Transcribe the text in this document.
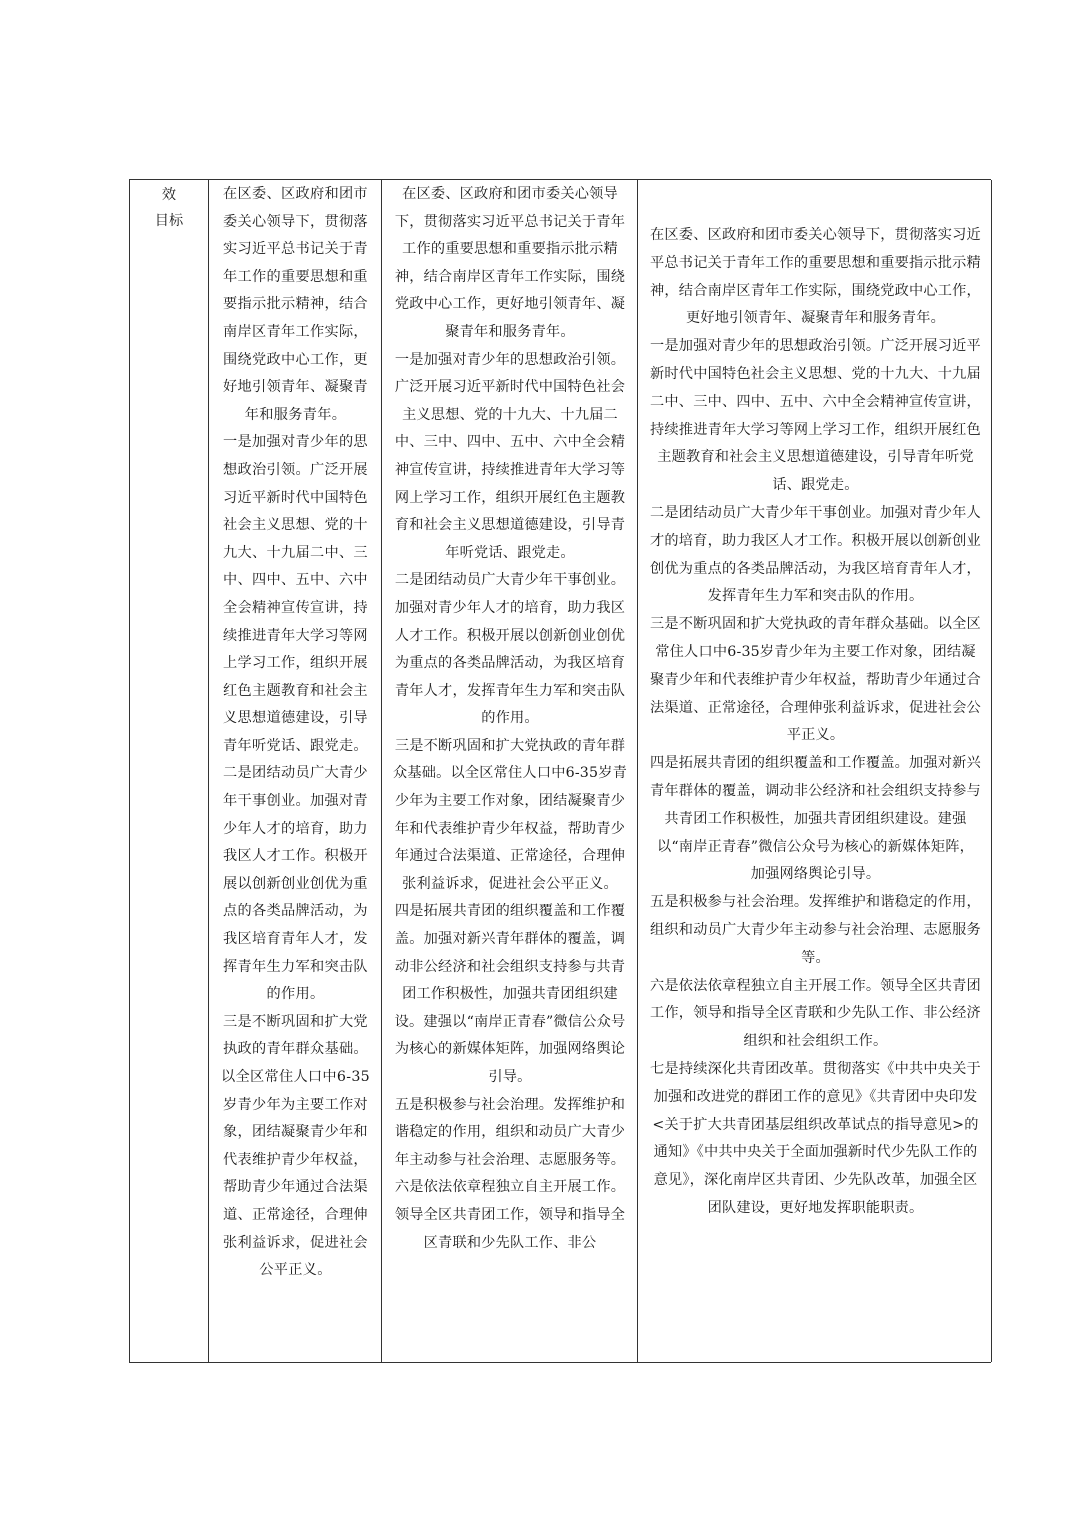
效
目标

在区委、区政府和团市委关心领导下，贯彻落实习近平总书记关于青年工作的重要思想和重要指示批示精神，结合南岸区青年工作实际，围绕党政中心工作，更好地引领青年、凝聚青年和服务青年。

一是加强对青少年的思想政治引领。广泛开展习近平新时代中国特色社会主义思想、党的十九大、十九届二中、三中、四中、五中、六中全会精神宣传宣讲，持续推进青年大学习等网上学习工作，组织开展红色主题教育和社会主义思想道德建设，引导青年听党话、跟党走。

二是团结动员广大青少年干事创业。加强对青少年人才的培育，助力我区人才工作。积极开展以创新创业创优为重点的各类品牌活动，为我区培育青年人才，发挥青年生力军和突击队的作用。

三是不断巩固和扩大党执政的青年群众基础。以全区常住人口中6-35岁青少年为主要工作对象，团结凝聚青少年和代表维护青少年权益，帮助青少年通过合法渠道、正常途径，合理伸张利益诉求，促进社会公平正义。

在区委、区政府和团市委关心领导下，贯彻落实习近平总书记关于青年工作的重要思想和重要指示批示精神，结合南岸区青年工作实际，围绕党政中心工作，更好地引领青年、凝聚青年和服务青年。

一是加强对青少年的思想政治引领。广泛开展习近平新时代中国特色社会主义思想、党的十九大、十九届二中、三中、四中、五中、六中全会精神宣传宣讲，持续推进青年大学习等网上学习工作，组织开展红色主题教育和社会主义思想道德建设，引导青年听党话、跟党走。

二是团结动员广大青少年干事创业。加强对青少年人才的培育，助力我区人才工作。积极开展以创新创业创优为重点的各类品牌活动，为我区培育青年人才，发挥青年生力军和突击队的作用。

三是不断巩固和扩大党执政的青年群众基础。以全区常住人口中6-35岁青少年为主要工作对象，团结凝聚青少年和代表维护青少年权益，帮助青少年通过合法渠道、正常途径，合理伸张利益诉求，促进社会公平正义。

四是拓展共青团的组织覆盖和工作覆盖。加强对新兴青年群体的覆盖，调动非公经济和社会组织支持参与共青团工作积极性，加强共青团组织建设。建强以“南岸正青春”微信公众号为核心的新媒体矩阵，加强网络舆论引导。

五是积极参与社会治理。发挥维护和谐稳定的作用，组织和动员广大青少年主动参与社会治理、志愿服务等。

六是依法依章程独立自主开展工作。领导全区共青团工作，领导和指导全区青联和少先队工作、非公

在区委、区政府和团市委关心领导下，贯彻落实习近平总书记关于青年工作的重要思想和重要指示批示精神，结合南岸区青年工作实际，围绕党政中心工作，更好地引领青年、凝聚青年和服务青年。

一是加强对青少年的思想政治引领。广泛开展习近平新时代中国特色社会主义思想、党的十九大、十九届二中、三中、四中、五中、六中全会精神宣传宣讲，持续推进青年大学习等网上学习工作，组织开展红色主题教育和社会主义思想道德建设，引导青年听党话、跟党走。

二是团结动员广大青少年干事创业。加强对青少年人才的培育，助力我区人才工作。积极开展以创新创业创优为重点的各类品牌活动，为我区培育青年人才，发挥青年生力军和突击队的作用。

三是不断巩固和扩大党执政的青年群众基础。以全区常住人口中6-35岁青少年为主要工作对象，团结凝聚青少年和代表维护青少年权益，帮助青少年通过合法渠道、正常途径，合理伸张利益诉求，促进社会公平正义。

四是拓展共青团的组织覆盖和工作覆盖。加强对新兴青年群体的覆盖，调动非公经济和社会组织支持参与共青团工作积极性，加强共青团组织建设。建强以“南岸正青春”微信公众号为核心的新媒体矩阵，加强网络舆论引导。

五是积极参与社会治理。发挥维护和谐稳定的作用，组织和动员广大青少年主动参与社会治理、志愿服务等。

六是依法依章程独立自主开展工作。领导全区共青团工作，领导和指导全区青联和少先队工作、非公经济组织和社会组织工作。

七是持续深化共青团改革。贯彻落实《中共中央关于加强和改进党的群团工作的意见》《共青团中央印发<关于扩大共青团基层组织改革试点的指导意见>的通知》《中共中央关于全面加强新时代少先队工作的意见》，深化南岸区共青团、少先队改革，加强全区团队建设，更好地发挥职能职责。
